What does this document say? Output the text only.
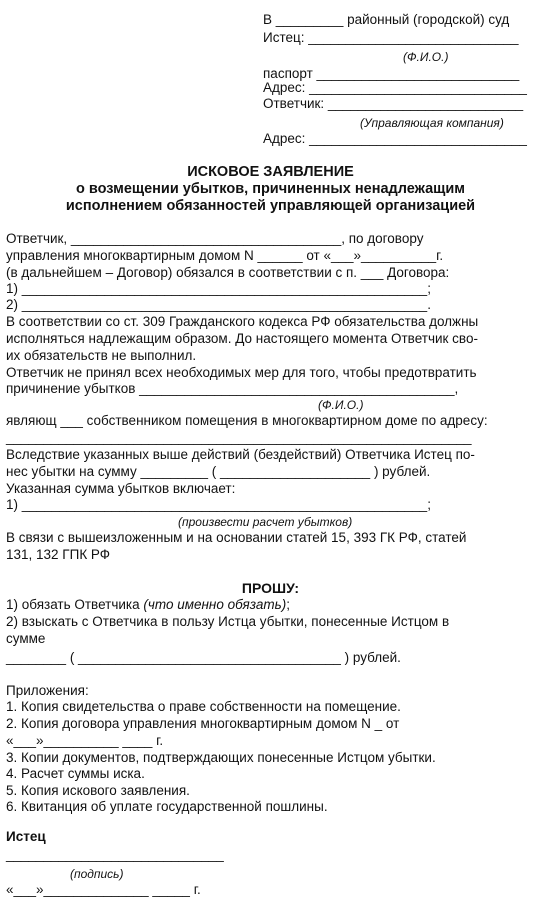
В _________ районный (городской) суд
Истец: ____________________________
(Ф.И.О.)
паспорт ___________________________
Адрес: _____________________________
Ответчик: __________________________
(Управляющая компания)
Адрес: _____________________________
ИСКОВОЕ ЗАЯВЛЕНИЕ
о возмещении убытков, причиненных ненадлежащим
исполнением обязанностей управляющей организацией
Ответчик, ____________________________________, по договору
управления многоквартирным домом N ______ от «___»__________г.
(в дальнейшем – Договор) обязался в соответствии с п. ___ Договора:
1) ______________________________________________________;
2) ______________________________________________________.
В соответствии со ст. 309 Гражданского кодекса РФ обязательства должны
исполняться надлежащим образом. До настоящего момента Ответчик сво-
их обязательств не выполнил.
Ответчик не принял всех необходимых мер для того, чтобы предотвратить
причинение убытков __________________________________________,
(Ф.И.О.)
являющ ___ собственником помещения в многоквартирном доме по адресу:
______________________________________________________________
Вследствие указанных выше действий (бездействий) Ответчика Истец по-
нес убытки на сумму _________ ( ____________________ ) рублей.
Указанная сумма убытков включает:
1) ______________________________________________________;
(произвести расчет убытков)
В связи с вышеизложенным и на основании статей 15, 393 ГК РФ, статей
131, 132 ГПК РФ
ПРОШУ:
1) обязать Ответчика (что именно обязать);
2) взыскать с Ответчика в пользу Истца убытки, понесенные Истцом в
сумме
________ ( ___________________________________ ) рублей.
Приложения:
1. Копия свидетельства о праве собственности на помещение.
2. Копия договора управления многоквартирным домом N _ от
«___»__________ ____ г.
3. Копии документов, подтверждающих понесенные Истцом убытки.
4. Расчет суммы иска.
5. Копия искового заявления.
6. Квитанция об уплате государственной пошлины.
Истец
_____________________________
(подпись)
«___»______________ _____ г.
